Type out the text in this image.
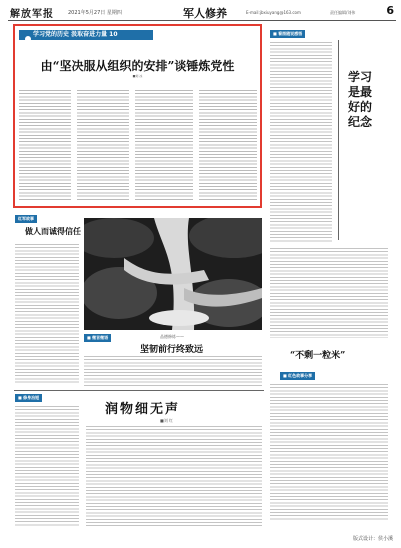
解放军报	2021年5月27日 星期四	军人修养	E-mail:jbxiuyang@163.com	责任编辑/刘伟	6
学习党的历史 汲取奋进力量 10
由“坚决服从组织的安排”谈锤炼党性
■刘 冰
■ 看图随说感悟
学习是最好的纪念
红军故事
做人而诚得信任
■ 微言微语	品德修炼——
坚韧前行终致远
“不剩一粒米”
■ 红色故事分享
■ 修身治短
润物细无声
■刘 红
版式设计：侯小溪
